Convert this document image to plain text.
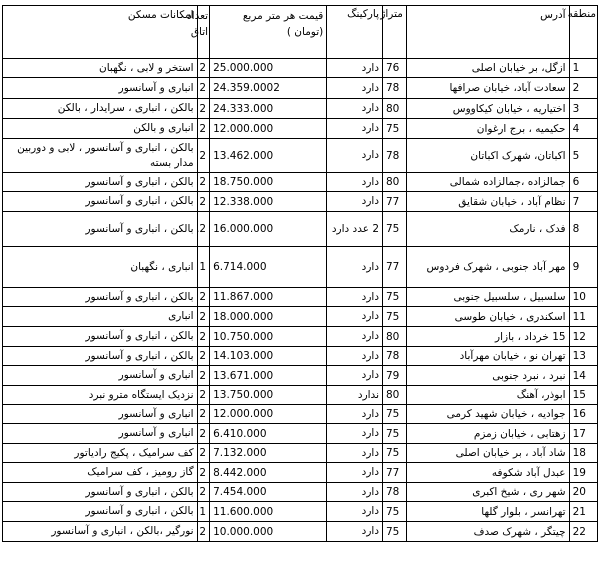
منطقه	آدرس	متراژ	پارکینگ	قیمت هر متر مربع (تومان )	تعداد اتاق	امکانات مسکن
1	ازگل، بر خیابان اصلی	76	دارد	25.000.000	2	استخر و لابی ، نگهبان
2	سعادت آباد، خیابان صرافها	78	دارد	24.359.0002	2	انباری و آسانسور
3	اختیاریه ، خیابان کیکاووس	80	دارد	24.333.000	2	بالکن ، انباری ، سرایدار ، بالکن
4	حکیمیه ، برج ارغوان	75	دارد	12.000.000	2	انباری و بالکن
5	اکباتان، شهرک اکباتان	78	دارد	13.462.000	2	بالکن ، انباری و آسانسور ، لابی و دوربین مدار بسته
6	جمالزاده ،جمالزاده شمالی	80	دارد	18.750.000	2	بالکن ، انباری و آسانسور
7	نظام آباد ، خیابان شقایق	77	دارد	12.338.000	2	بالکن ، انباری و آسانسور
8	فدک ، نارمک	75	2 عدد دارد	16.000.000	2.	بالکن ، انباری و آسانسور
9	مهر آباد جنوبی ، شهرک فردوس	77	دارد	6.714.000	1	انباری ، نگهبان
10	سلسبیل ، سلسبیل جنوبی	75	دارد	11.867.000	2	بالکن ، انباری و آسانسور
11	اسکندری ، خیابان طوسی	75	دارد	18.000.000	2	انباری
12	15 خرداد ، بازار	80	دارد	10.750.000	2	بالکن ، انباری و آسانسور
13	تهران نو ، خیابان مهرآباد	78	دارد	14.103.000	2	بالکن ، انباری و آسانسور
14	نبرد ، نبرد جنوبی	79	دارد	13.671.000	2	انباری و آسانسور
15	ابوذر، آهنگ	80	ندارد	13.750.000	2	نزدیک ایستگاه مترو نبرد
16	جوادیه ، خیابان شهید کرمی	75	دارد	12.000.000	2	انباری و آسانسور
17	زهتابی ، خیابان زمزم	75	دارد	6.410.000	2	انباری و آسانسور
18	شاد آباد ، بر خیابان اصلی	75	دارد	7.132.000	2	کف سرامیک ، پکیج رادیاتور
19	عبدل آباد شکوفه	77	دارد	8.442.000	2	گاز رومیز ، کف سرامیک
20	شهر ری ، شیخ اکبری	78	دارد	7.454.000	2	بالکن ، انباری و آسانسور
21	تهرانسر ، بلوار گلها	75	دارد	11.600.000	1	بالکن ، انباری و آسانسور
22	چیتگر ، شهرک صدف	75	دارد	10.000.000	2	نورگیر ،بالکن ، انباری و آسانسور
